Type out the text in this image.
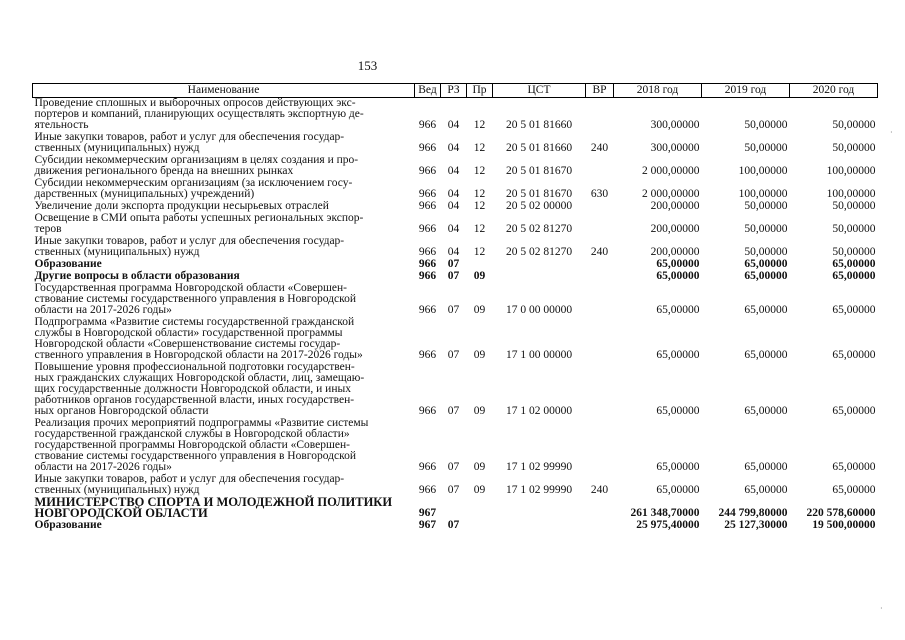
153
Наименование	Вед	РЗ	Пр	ЦСТ	ВР	2018 год	2019 год	2020 год

Проведение сплошных и выборочных опросов действующих экс-
портеров и компаний, планирующих осуществлять экспортную де-
ятельность	966	04	12	20 5 01 81660		300,00000	50,00000	50,00000

Иные закупки товаров, работ и услуг для обеспечения государ-
ственных (муниципальных) нужд	966	04	12	20 5 01 81660	240	300,00000	50,00000	50,00000

Субсидии некоммерческим организациям в целях создания и про-
движения регионального бренда на внешних рынках	966	04	12	20 5 01 81670		2 000,00000	100,00000	100,00000

Субсидии некоммерческим организациям (за исключением госу-
дарственных (муниципальных) учреждений)	966	04	12	20 5 01 81670	630	2 000,00000	100,00000	100,00000

Увеличение доли экспорта продукции несырьевых отраслей	966	04	12	20 5 02 00000		200,00000	50,00000	50,00000

Освещение в СМИ опыта работы успешных региональных экспор-
теров	966	04	12	20 5 02 81270		200,00000	50,00000	50,00000

Иные закупки товаров, работ и услуг для обеспечения государ-
ственных (муниципальных) нужд	966	04	12	20 5 02 81270	240	200,00000	50,00000	50,00000

Образование	966	07				65,00000	65,00000	65,00000

Другие вопросы в области образования	966	07	09			65,00000	65,00000	65,00000

Государственная программа Новгородской области «Совершен-
ствование системы государственного управления в Новгородской
области на 2017-2026 годы»	966	07	09	17 0 00 00000		65,00000	65,00000	65,00000

Подпрограмма «Развитие системы государственной гражданской
службы в Новгородской области» государственной программы
Новгородской области «Совершенствование системы государ-
ственного управления в Новгородской области на 2017-2026 годы»	966	07	09	17 1 00 00000		65,00000	65,00000	65,00000

Повышение уровня профессиональной подготовки государствен-
ных гражданских служащих Новгородской области, лиц, замещаю-
щих государственные должности Новгородской области, и иных
работников органов государственной власти, иных государствен-
ных органов Новгородской области	966	07	09	17 1 02 00000		65,00000	65,00000	65,00000

Реализация прочих мероприятий подпрограммы «Развитие системы
государственной гражданской службы в Новгородской области»
государственной программы Новгородской области «Совершен-
ствование системы государственного управления в Новгородской
области на 2017-2026 годы»	966	07	09	17 1 02 99990		65,00000	65,00000	65,00000

Иные закупки товаров, работ и услуг для обеспечения государ-
ственных (муниципальных) нужд	966	07	09	17 1 02 99990	240	65,00000	65,00000	65,00000

МИНИСТЕРСТВО СПОРТА И МОЛОДЕЖНОЙ ПОЛИТИКИ
НОВГОРОДСКОЙ ОБЛАСТИ	967					261 348,70000	244 799,80000	220 578,60000

Образование	967	07				25 975,40000	25 127,30000	19 500,00000
·
·
